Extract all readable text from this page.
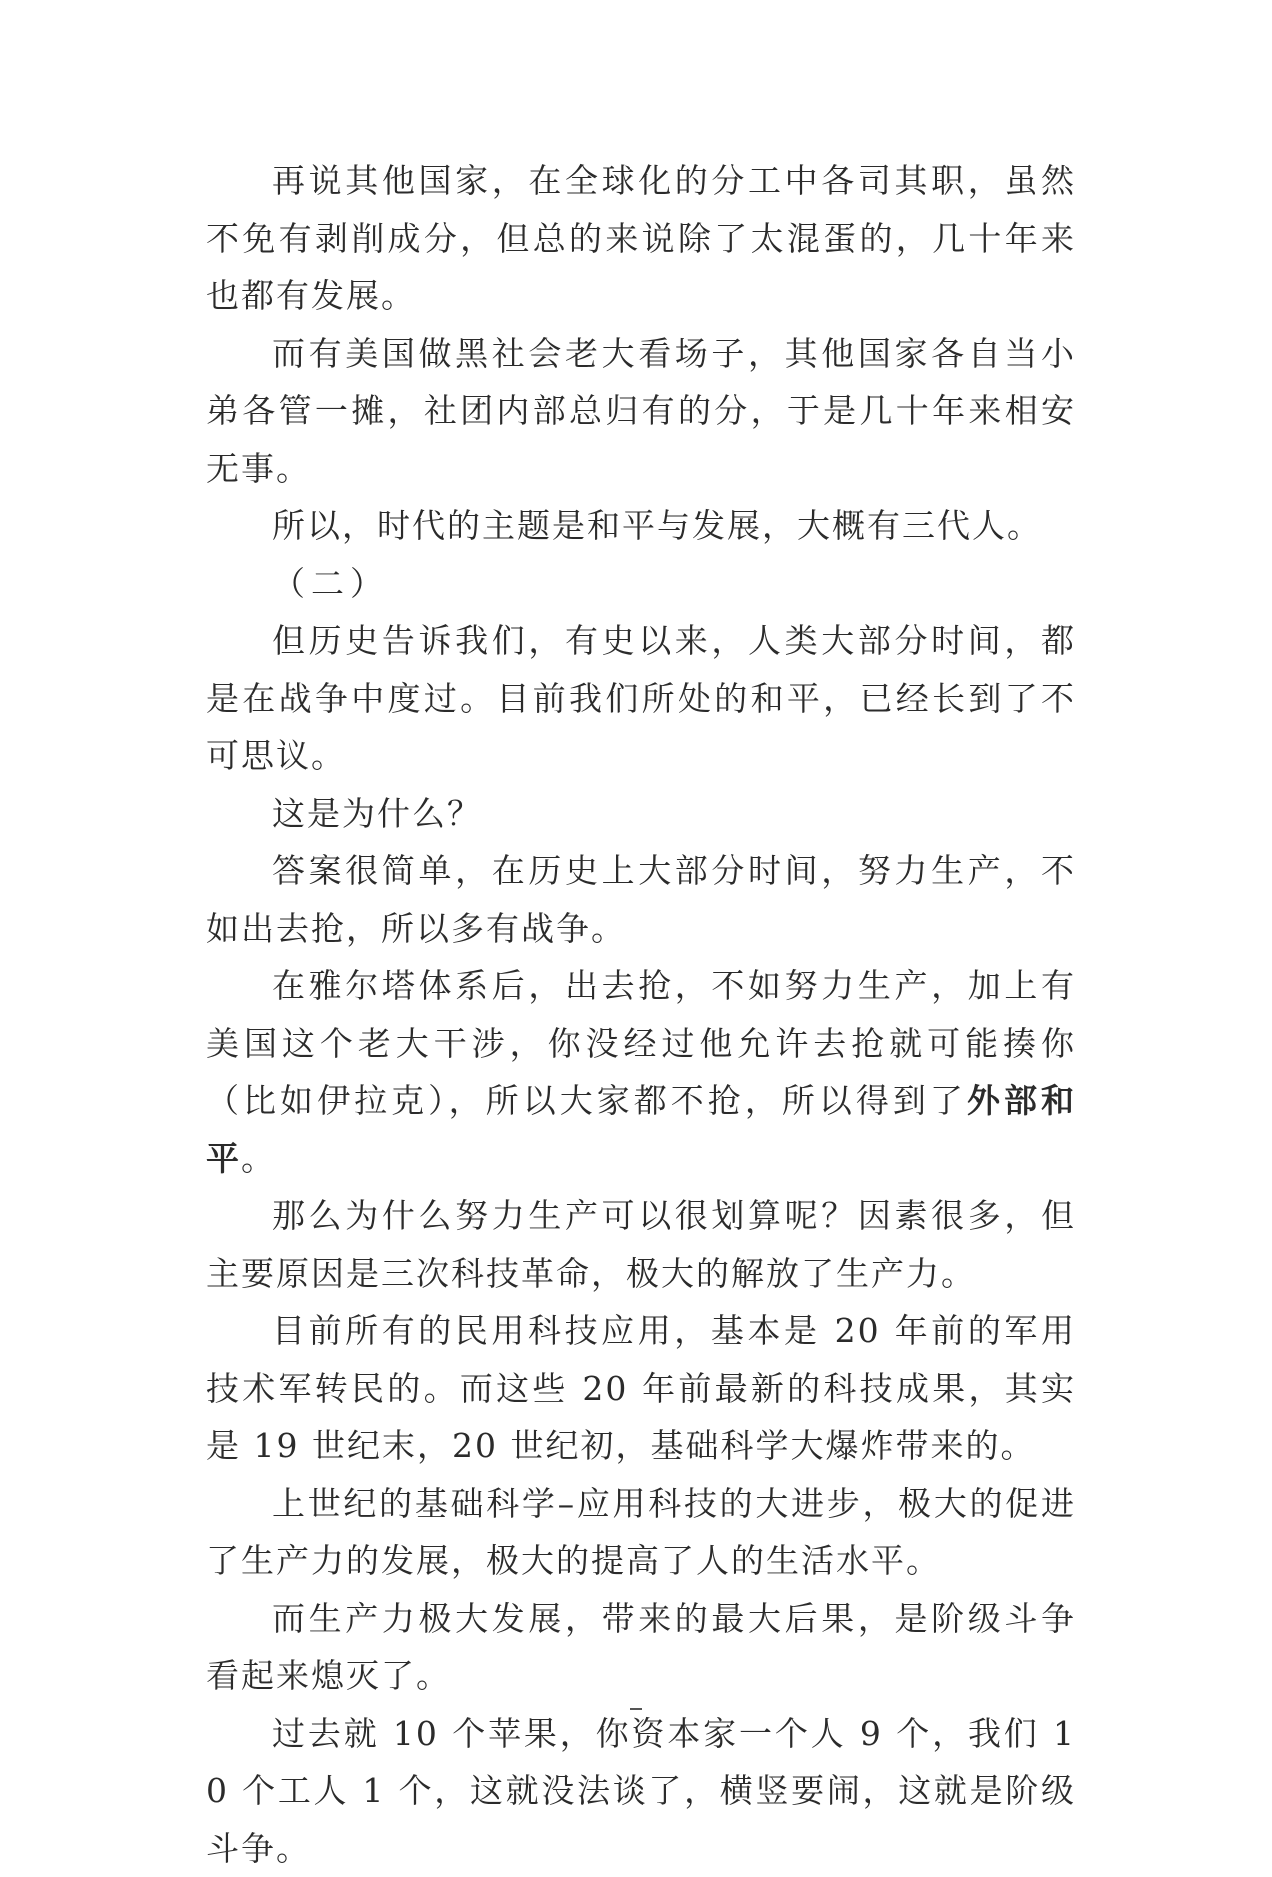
再说其他国家，在全球化的分工中各司其职，虽然不免有剥削成分，但总的来说除了太混蛋的，几十年来也都有发展。

而有美国做黑社会老大看场子，其他国家各自当小弟各管一摊，社团内部总归有的分，于是几十年来相安无事。

所以，时代的主题是和平与发展，大概有三代人。

（二）

但历史告诉我们，有史以来，人类大部分时间，都是在战争中度过。目前我们所处的和平，已经长到了不可思议。

这是为什么？

答案很简单，在历史上大部分时间，努力生产，不如出去抢，所以多有战争。

在雅尔塔体系后，出去抢，不如努力生产，加上有美国这个老大干涉，你没经过他允许去抢就可能揍你（比如伊拉克），所以大家都不抢，所以得到了外部和平。

那么为什么努力生产可以很划算呢？因素很多，但主要原因是三次科技革命，极大的解放了生产力。

目前所有的民用科技应用，基本是 20 年前的军用技术军转民的。而这些 20 年前最新的科技成果，其实是 19 世纪末，20 世纪初，基础科学大爆炸带来的。

上世纪的基础科学–应用科技的大进步，极大的促进了生产力的发展，极大的提高了人的生活水平。

而生产力极大发展，带来的最大后果，是阶级斗争看起来熄灭了。

过去就 10 个苹果，你资本家一个人 9 个，我们 10 个工人 1 个，这就没法谈了，横竖要闹，这就是阶级斗争。
